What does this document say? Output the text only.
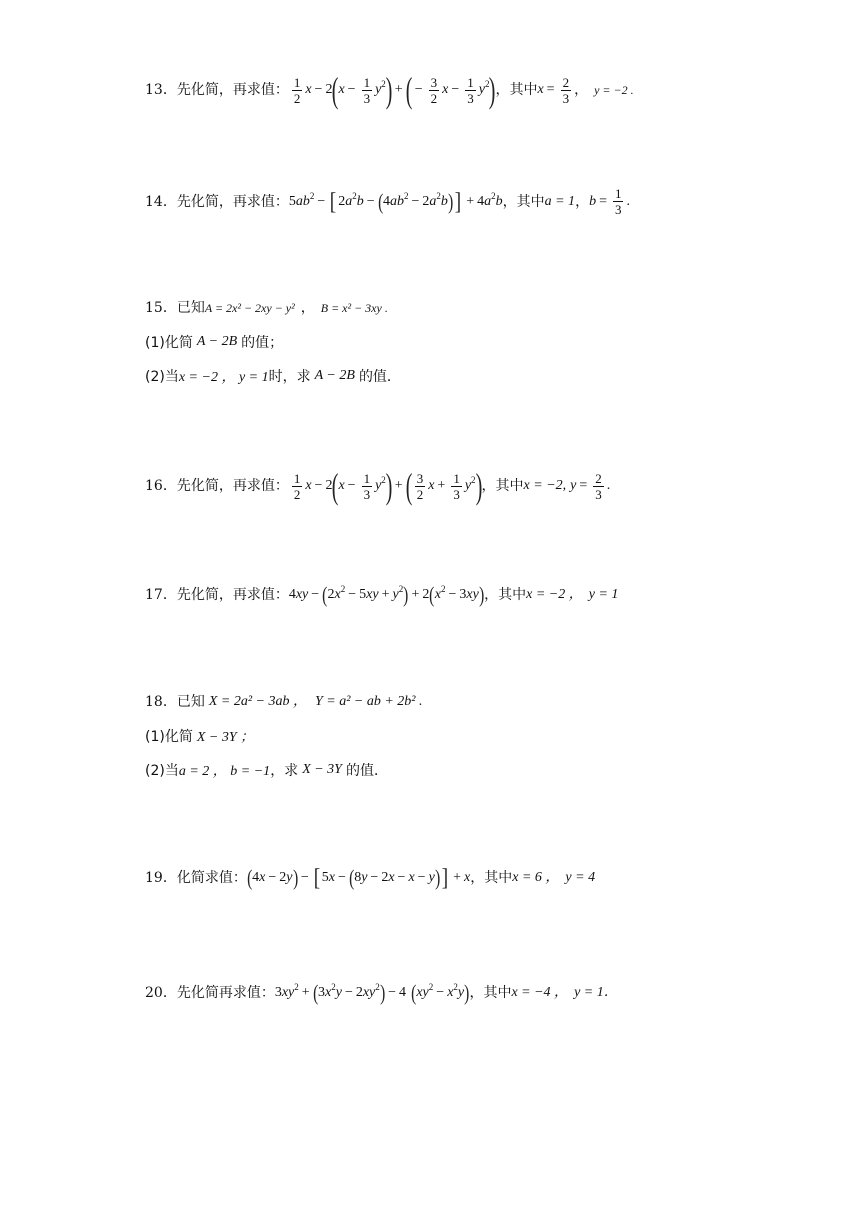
13． 先化简，再求值： $\frac{1}{2}$ x − 2 ( $x - \frac{1}{3} y^2$ ) + ( − $\frac{3}{2}$ $x - \frac{1}{3} y^2$ ) ，其中 $x = \frac{2}{3}$ ， y = −2 .
14． 先化简，再求值： 5 $ab^2$ − [ 2 $a^2b$ − ( 4 $ab^2 - 2$ $a^2b$ ) ] + 4 $a^2b$ ，其中 a = 1 ， $b = \frac{1}{3}$ .
15． 已知 A = 2x² − 2xy − y² ， B = x² − 3xy .
(1)化简 A − 2B 的值；
(2)当 x = −2 ， y = 1 时，求 A − 2B 的值．
16． 先化简，再求值： $\frac{1}{2}$ x − 2 ( $x - \frac{1}{3} y^2$ ) + ( $\frac{3}{2}$ $x + \frac{1}{3} y^2$ ) ，其中 x = −2, $y = \frac{2}{3}$ .
17． 先化简，再求值： 4 xy − ( 2 $x^2 - 5$ xy + $y^2$ ) + 2 ( $x^2 - 3$ xy ) ，其中 x = −2 ， y = 1
18． 已知 X = 2a² − 3ab ， Y = a² − ab + 2b² .
(1)化简 X − 3Y ；
(2)当 a = 2 ， b = −1 ，求 X − 3Y 的值．
19． 化简求值： ( 4 x − 2 y ) − [ 5 x − ( 8 y − 2 x − x − y ) ] + x ，其中 x = 6 ， y = 4
20． 先化简再求值： 3 $xy^2$ + ( 3 $x^2y - 2$ $xy^2$ ) − 4 ( $xy^2 - x^2y$ ) ，其中 x = −4 ， y = 1．
